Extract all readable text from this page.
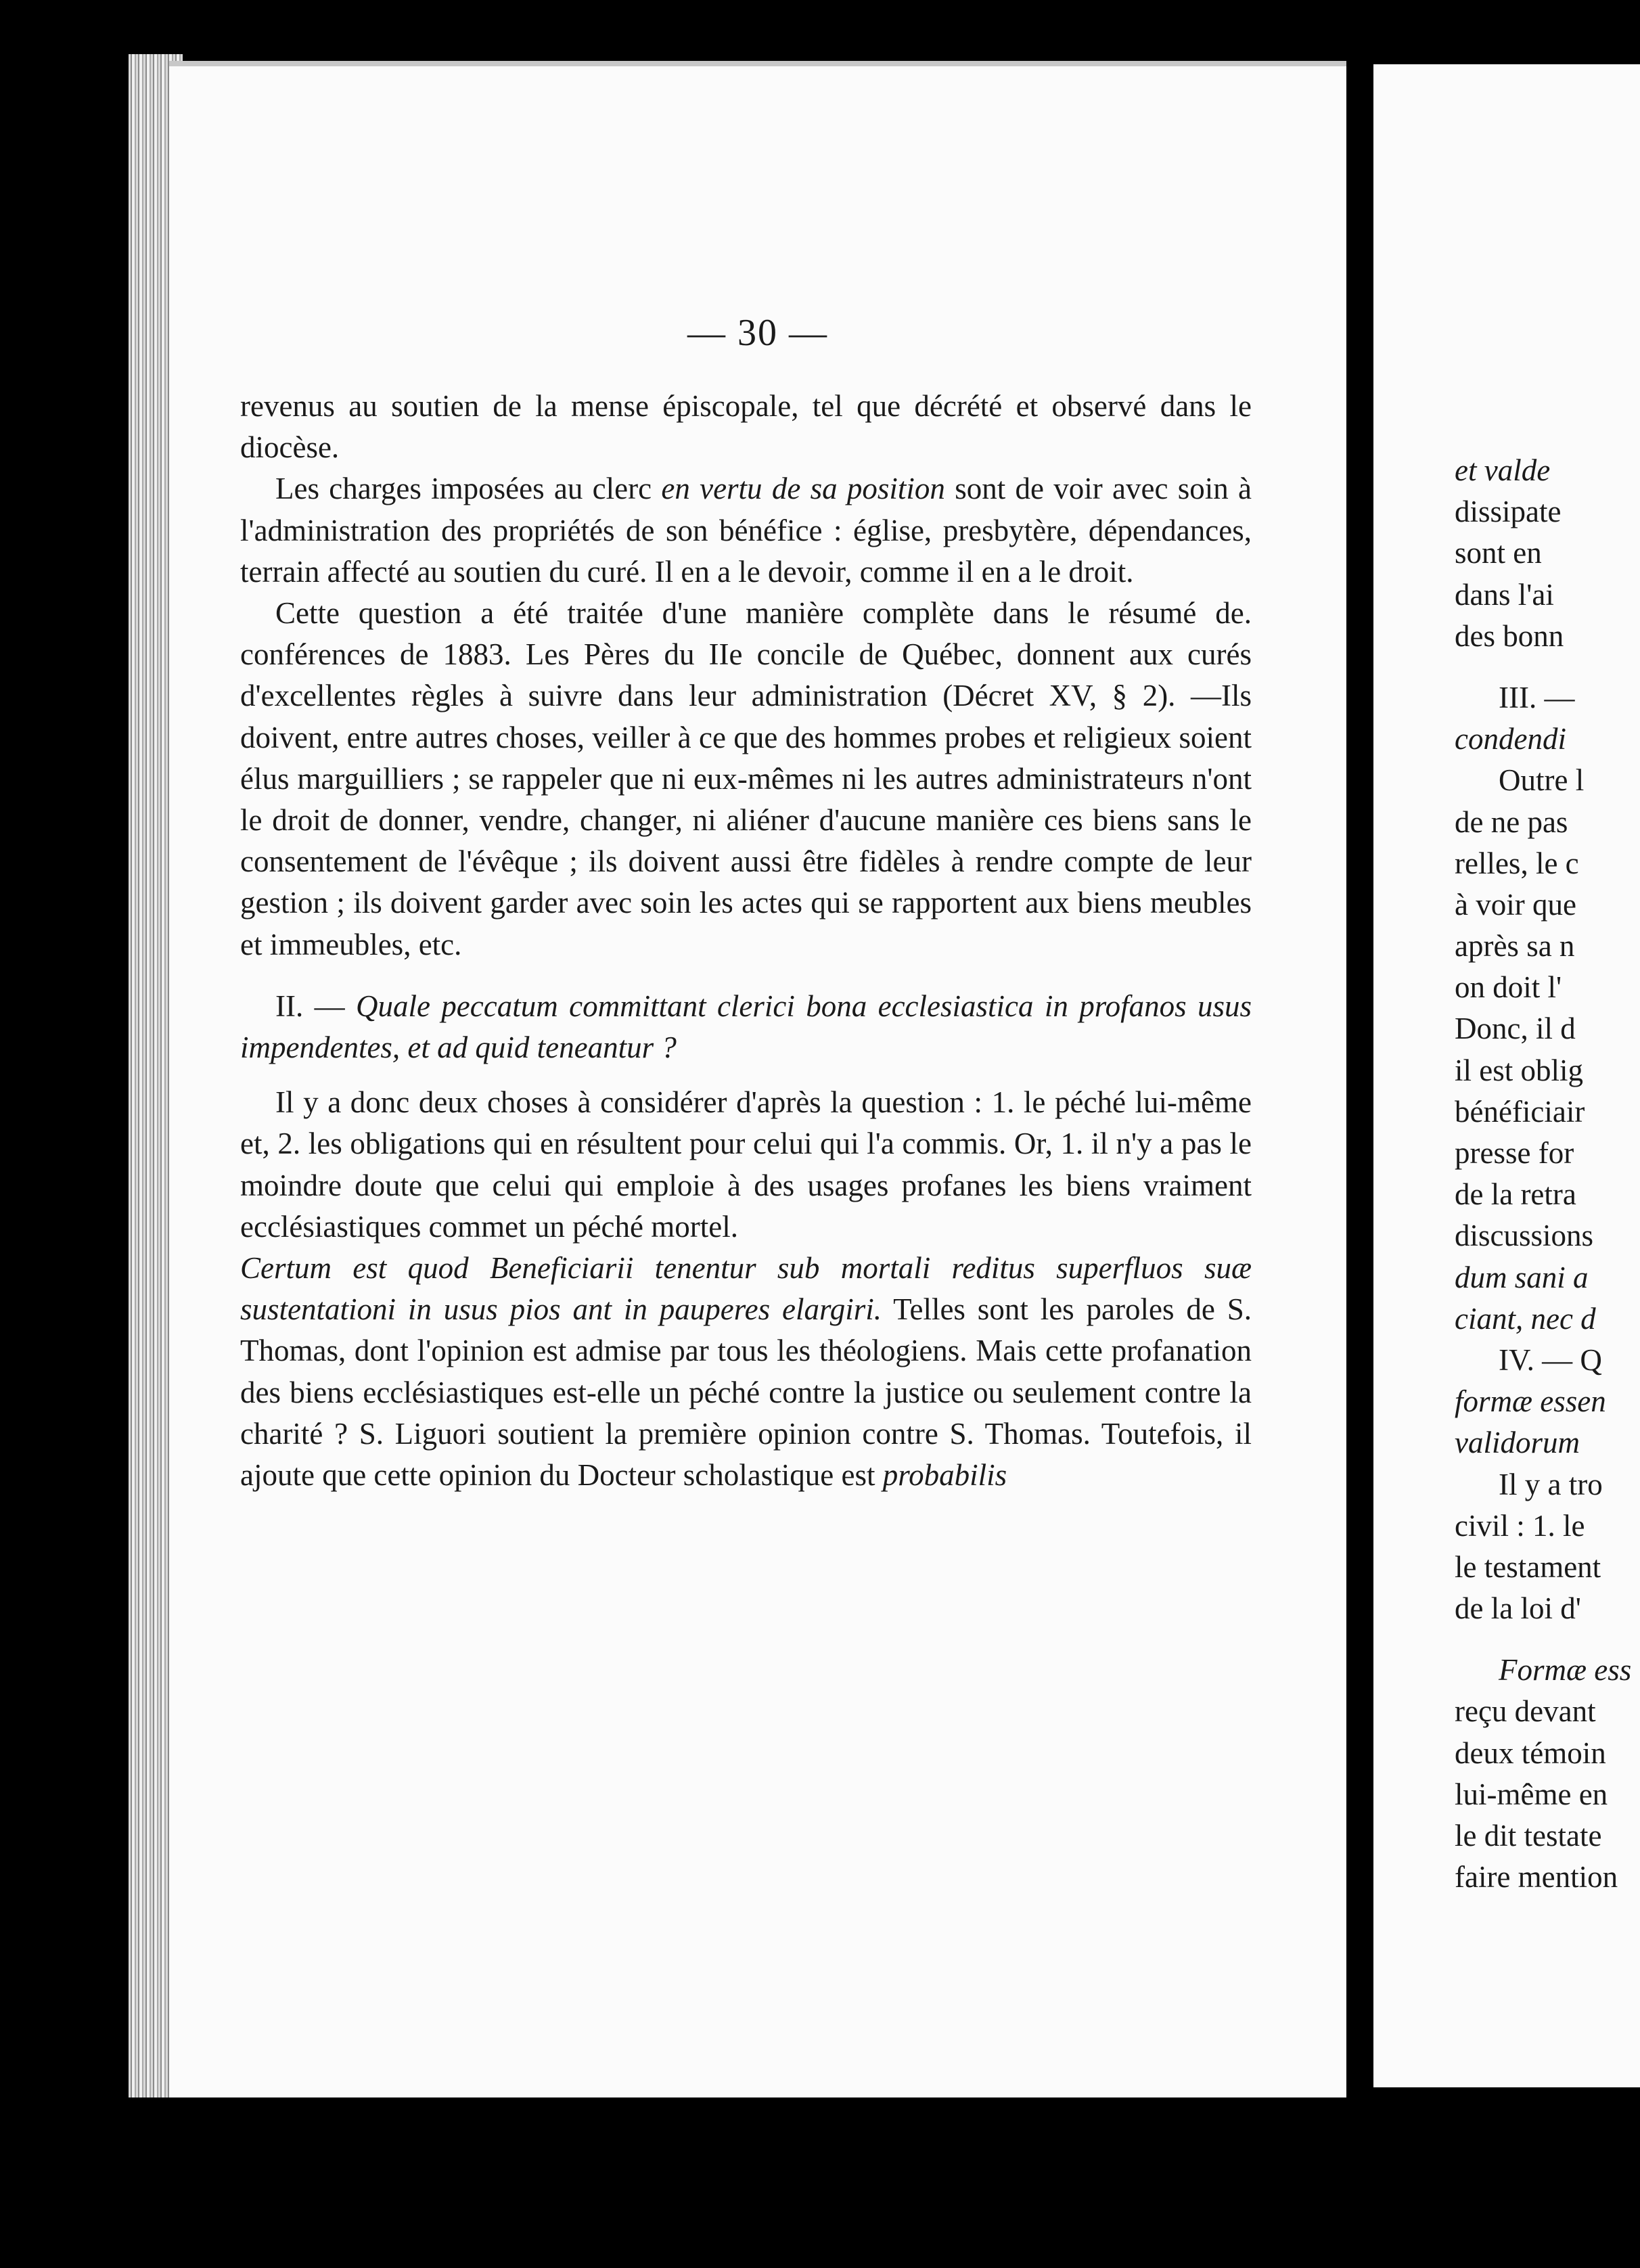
— 30 —

revenus au soutien de la mense épiscopale, tel que décrété et observé dans le diocèse.

Les charges imposées au clerc en vertu de sa position sont de voir avec soin à l'administration des propriétés de son bénéfice : église, presbytère, dépendances, terrain affecté au soutien du curé. Il en a le devoir, comme il en a le droit.

Cette question a été traitée d'une manière complète dans le résumé de. conférences de 1883. Les Pères du IIe concile de Québec, donnent aux curés d'excellentes règles à suivre dans leur administration (Décret XV, § 2). —Ils doivent, entre autres choses, veiller à ce que des hommes probes et religieux soient élus marguilliers ; se rappeler que ni eux-mêmes ni les autres administrateurs n'ont le droit de donner, vendre, changer, ni aliéner d'aucune manière ces biens sans le consentement de l'évêque ; ils doivent aussi être fidèles à rendre compte de leur gestion ; ils doivent garder avec soin les actes qui se rapportent aux biens meubles et immeubles, etc.

II. — Quale peccatum committant clerici bona ecclesiastica in profanos usus impendentes, et ad quid teneantur ?

Il y a donc deux choses à considérer d'après la question : 1. le péché lui-même et, 2. les obligations qui en résultent pour celui qui l'a commis. Or, 1. il n'y a pas le moindre doute que celui qui emploie à des usages profanes les biens vraiment ecclésiastiques commet un péché mortel.

Certum est quod Beneficiarii tenentur sub mortali reditus superfluos suæ sustentationi in usus pios ant in pauperes elargiri. Telles sont les paroles de S. Thomas, dont l'opinion est admise par tous les théologiens. Mais cette profanation des biens ecclésiastiques est-elle un péché contre la justice ou seulement contre la charité ? S. Liguori soutient la première opinion contre S. Thomas. Toutefois, il ajoute que cette opinion du Docteur scholastique est probabilis

et valde
dissipate
sont en
dans l'ai
des bonn
III. —
condendi
Outre l
de ne pas
relles, le c
à voir que
après sa n
on doit l'
Donc, il d
il est oblig
bénéficiair
presse for
de la retra
discussions
dum sani a
ciant, nec d
IV. — Q
formæ essen
validorum
Il y a tro
civil : 1. le
le testament
de la loi d'
Formæ ess
reçu devant
deux témoin
lui-même en
le dit testate
faire mention
